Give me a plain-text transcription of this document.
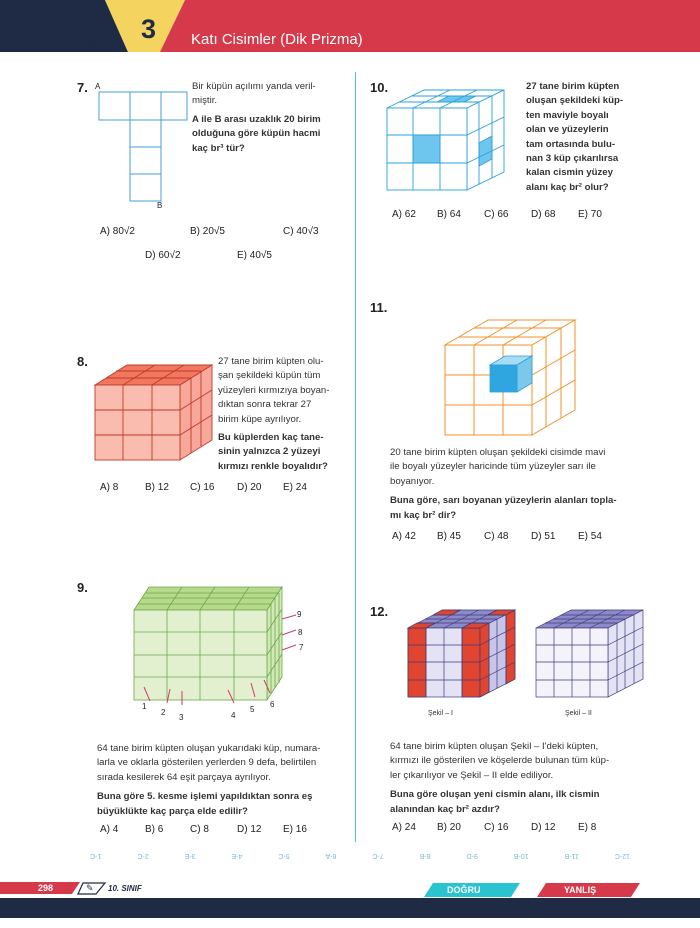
TEST
3 Katı Cisimler (Dik Prizma)
7. A
B
Bir küpün açılımı yanda veril-
miştir.
A ile B arası uzaklık 20 birim
olduğuna göre küpün hacmi
kaç br³ tür?
A) 80√2	B) 20√5	C) 40√3
D) 60√2	E) 40√5
8.	27 tane birim küpten olu-
şan şekildeki küpün tüm
yüzeyleri kırmızıya boyan-
dıktan sonra tekrar 27
birim küpe ayrılıyor.
Bu küplerden kaç tane-
sinin yalnızca 2 yüzeyi
kırmızı renkle boyalıdır?
A) 8	B) 12 C) 16 D) 20 E) 24
9.
1
2
3	4
5
6
7
8
9
64 tane birim küpten oluşan yukarıdaki küp, numara-
larla ve oklarla gösterilen yerlerden 9 defa, belirtilen
sırada kesilerek 64 eşit parçaya ayrılıyor.
Buna göre 5. kesme işlemi yapıldıktan sonra eş
büyüklükte kaç parça elde edilir?
A) 4	B) 6	C) 8	D) 12 E) 16
10.	27 tane birim küpten
oluşan şekildeki küp-
ten maviyle boyalı
olan ve yüzeylerin
tam ortasında bulu-
nan 3 küp çıkarılırsa
kalan cismin yüzey
alanı kaç br² olur?
A) 62 B) 64 C) 66 D) 68 E) 70
11.
20 tane birim küpten oluşan şekildeki cisimde mavi
ile boyalı yüzeyler haricinde tüm yüzeyler sarı ile
boyanıyor.
Buna göre, sarı boyanan yüzeylerin alanları topla-
mı kaç br² dir?
A) 42 B) 45 C) 48 D) 51 E) 54
12.
Şekil – I	Şekil – II
64 tane birim küpten oluşan Şekil – I'deki küpten,
kırmızı ile gösterilen ve köşelerde bulunan tüm küp-
ler çıkarılıyor ve Şekil – II elde ediliyor.
Buna göre oluşan yeni cismin alanı, ilk cismin
alanından kaç br² azdır?
A) 24 B) 20 C) 16 D) 12 E) 8
12-C
11-B
10-B
9-D
8-B
7-C
6-A
5-C
4-E
3-E
2-C
1-C
298	✎ 10. SINIF	DOĞRU	YANLIŞ
